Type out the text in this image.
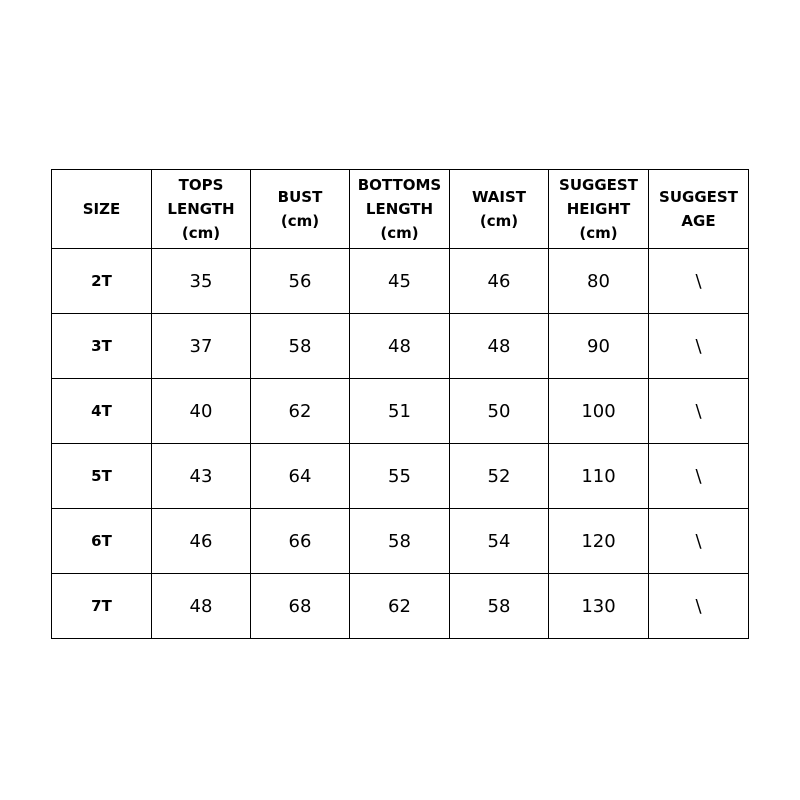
SIZE	TOPS
LENGTH
(cm)	BUST
(cm)	BOTTOMS
LENGTH
(cm)	WAIST
(cm)	SUGGEST
HEIGHT
(cm)	SUGGEST
AGE

2T	35	56	45	46	80	\
3T	37	58	48	48	90	\
4T	40	62	51	50	100	\
5T	43	64	55	52	110	\
6T	46	66	58	54	120	\
7T	48	68	62	58	130	\
